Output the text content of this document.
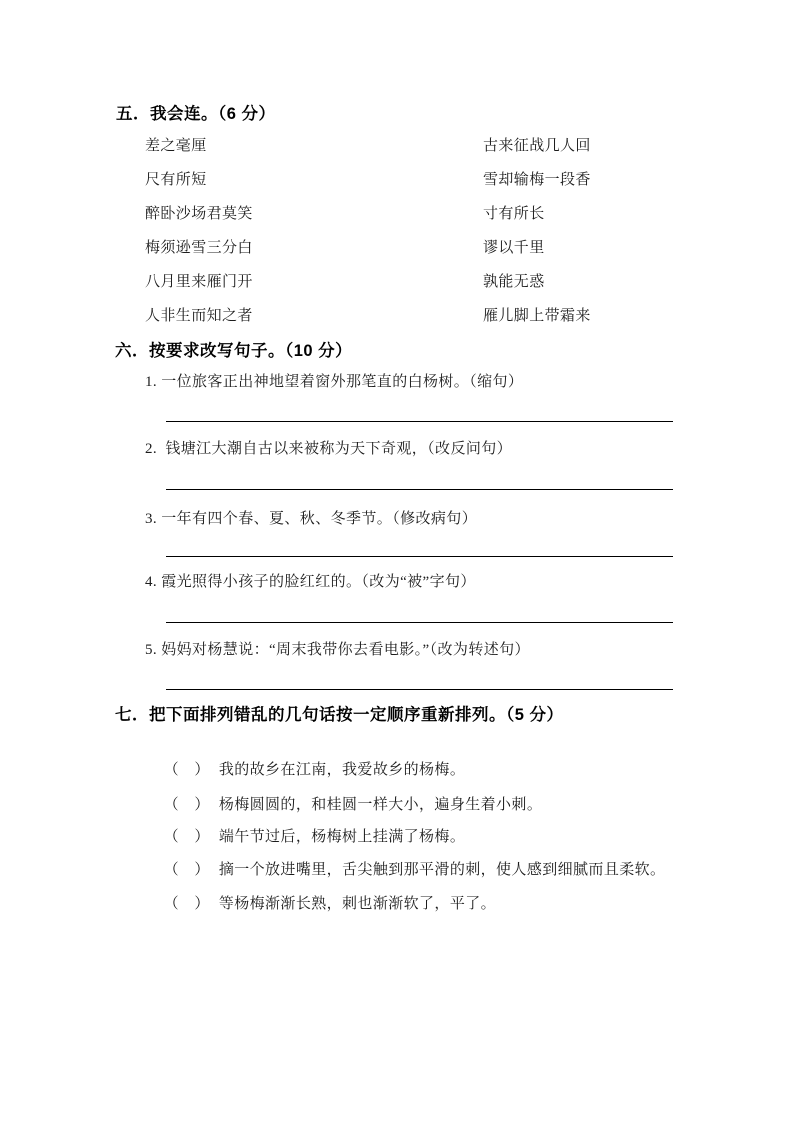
五．我会连。（6 分）
差之毫厘
尺有所短
醉卧沙场君莫笑
梅须逊雪三分白
八月里来雁门开
人非生而知之者
古来征战几人回
雪却输梅一段香
寸有所长
谬以千里
孰能无惑
雁儿脚上带霜来
六．按要求改写句子。（10 分）
1. 一位旅客正出神地望着窗外那笔直的白杨树。（缩句）
2.  钱塘江大潮自古以来被称为天下奇观，（改反问句）
3. 一年有四个春、夏、秋、冬季节。（修改病句）
4. 霞光照得小孩子的脸红红的。（改为“被”字句）
5. 妈妈对杨慧说：“周末我带你去看电影。”（改为转述句）
七．把下面排列错乱的几句话按一定顺序重新排列。（5 分）

（　） 我的故乡在江南，我爱故乡的杨梅。

（　） 杨梅圆圆的，和桂圆一样大小，遍身生着小刺。

（　） 端午节过后，杨梅树上挂满了杨梅。

（　） 摘一个放进嘴里，舌尖触到那平滑的刺，使人感到细腻而且柔软。

（　） 等杨梅渐渐长熟，刺也渐渐软了，平了。
